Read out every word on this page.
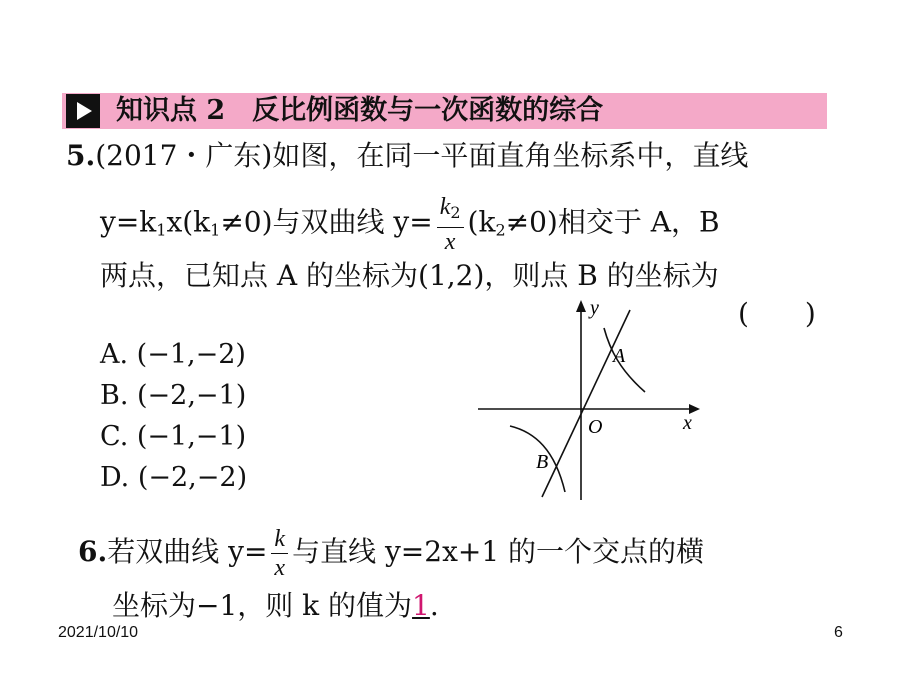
知识点 2　反比例函数与一次函数的综合
5.(2017・广东)如图，在同一平面直角坐标系中，直线
$y=k_1x(k_1\ne 0)$与双曲线 $y= \frac{k_2}{x} (k_2\ne 0)$相交于 A，B
两点，已知点 A 的坐标为(1,2)，则点 B 的坐标为
(　　)
A. (−1,−2)
B. (−2,−1)
C. (−1,−1)
D. (−2,−2)
y
x
O
A
B
6.若双曲线 $y= \frac{k}{x}$ 与直线 y=2x+1 的一个交点的横
坐标为−1，则 k 的值为1.
2021/10/10	6
